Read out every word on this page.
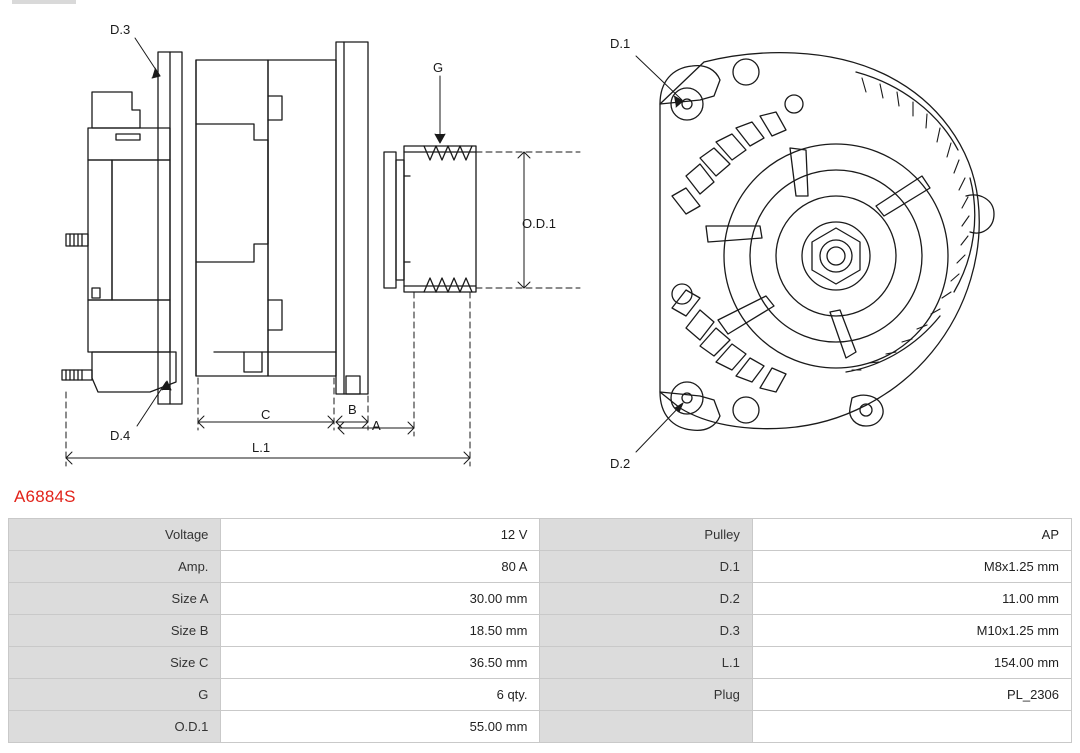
D.3
G
O.D.1
D.4
C	B
A
L.1
D.1
D.2
A6884S
Voltage	12 V	Pulley	AP
Amp.	80 A	D.1	M8x1.25 mm
Size A	30.00 mm	D.2	11.00 mm
Size B	18.50 mm	D.3	M10x1.25 mm
Size C	36.50 mm	L.1	154.00 mm
G	6 qty.	Plug	PL_2306
O.D.1	55.00 mm		
